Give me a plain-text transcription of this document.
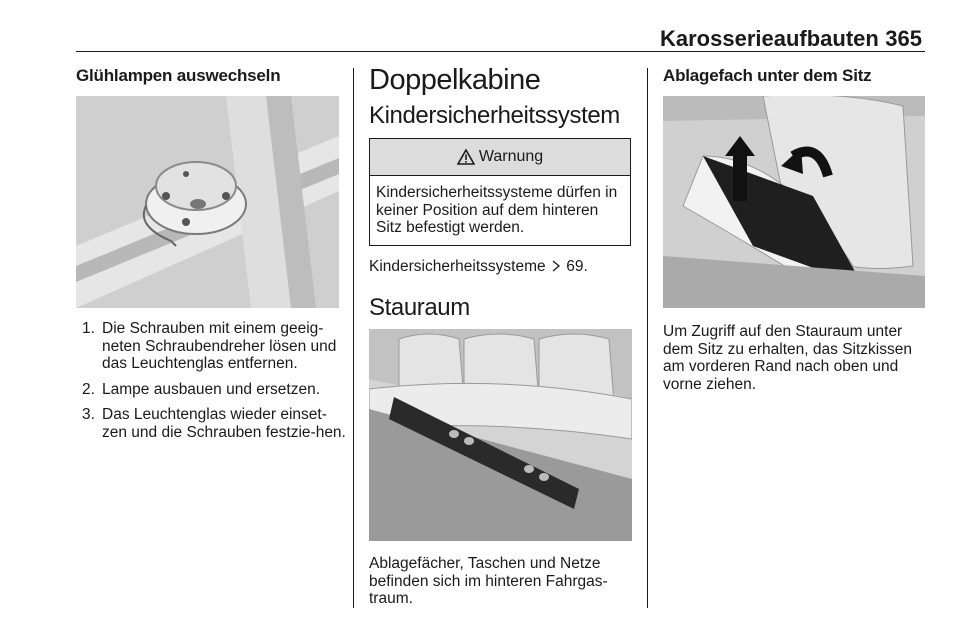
Karosserieaufbauten 365
Glühlampen auswechseln
1. Die Schrauben mit einem geeig-neten Schraubendreher lösen und das Leuchtenglas entfernen.
2. Lampe ausbauen und ersetzen.
3. Das Leuchtenglas wieder einset-zen und die Schrauben festzie-hen.
Doppelkabine
Kindersicherheitssystem
Warnung
Kindersicherheitssysteme dürfen in keiner Position auf dem hinteren Sitz befestigt werden.
Kindersicherheitssysteme 69.
Stauraum
Ablagefächer, Taschen und Netze befinden sich im hinteren Fahrgas-traum.
Ablagefach unter dem Sitz
Um Zugriff auf den Stauraum unter dem Sitz zu erhalten, das Sitzkissen am vorderen Rand nach oben und vorne ziehen.
